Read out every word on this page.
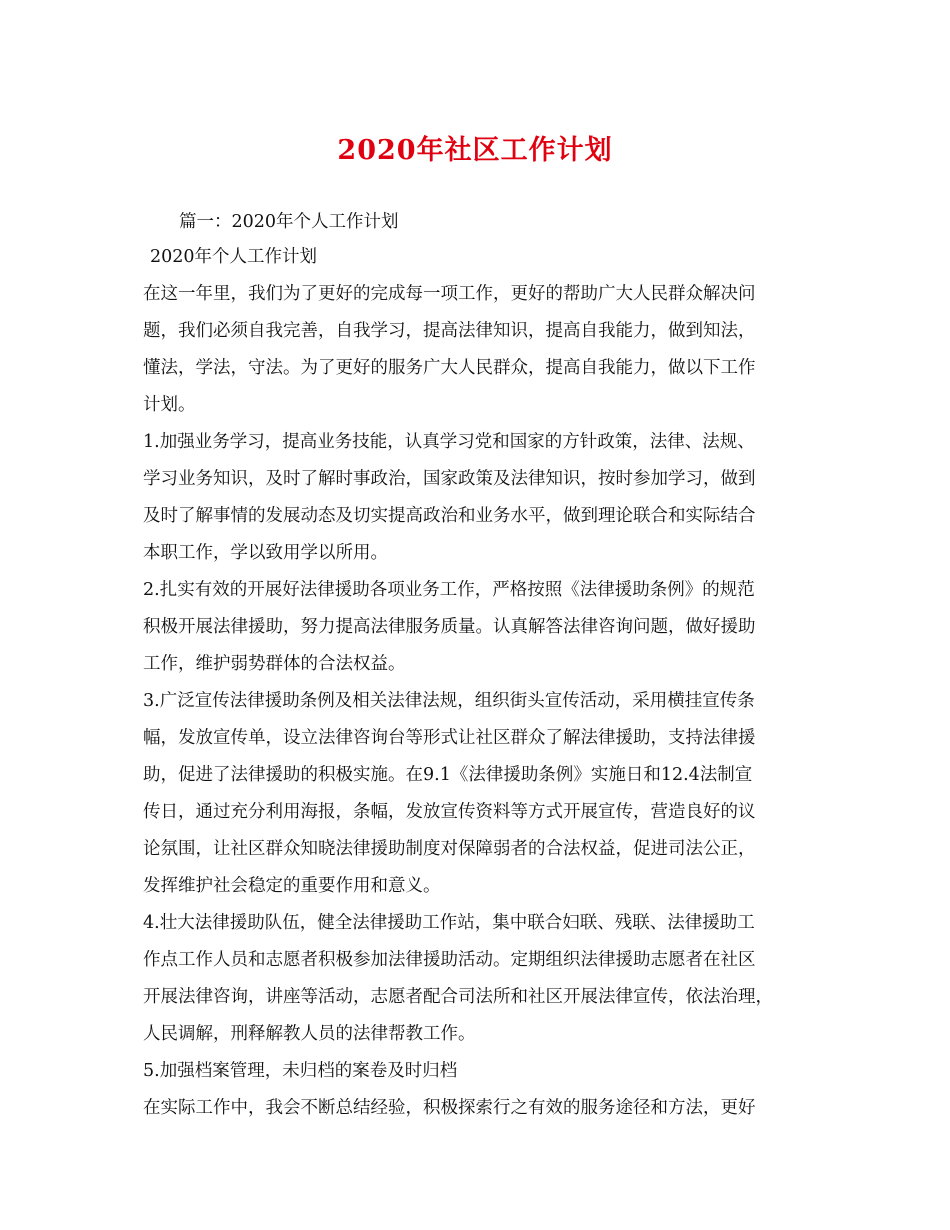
2020年社区工作计划
篇一：2020年个人工作计划
2020年个人工作计划
在这一年里，我们为了更好的完成每一项工作，更好的帮助广大人民群众解决问
题，我们必须自我完善，自我学习，提高法律知识，提高自我能力，做到知法，
懂法，学法，守法。为了更好的服务广大人民群众，提高自我能力，做以下工作
计划。
1.加强业务学习，提高业务技能，认真学习党和国家的方针政策，法律、法规、
学习业务知识，及时了解时事政治，国家政策及法律知识，按时参加学习，做到
及时了解事情的发展动态及切实提高政治和业务水平，做到理论联合和实际结合
本职工作，学以致用学以所用。
2.扎实有效的开展好法律援助各项业务工作，严格按照《法律援助条例》的规范
积极开展法律援助，努力提高法律服务质量。认真解答法律咨询问题，做好援助
工作，维护弱势群体的合法权益。
3.广泛宣传法律援助条例及相关法律法规，组织街头宣传活动，采用横挂宣传条
幅，发放宣传单，设立法律咨询台等形式让社区群众了解法律援助，支持法律援
助，促进了法律援助的积极实施。在9.1《法律援助条例》实施日和12.4法制宣
传日，通过充分利用海报，条幅，发放宣传资料等方式开展宣传，营造良好的议
论氛围，让社区群众知晓法律援助制度对保障弱者的合法权益，促进司法公正，
发挥维护社会稳定的重要作用和意义。
4.壮大法律援助队伍，健全法律援助工作站，集中联合妇联、残联、法律援助工
作点工作人员和志愿者积极参加法律援助活动。定期组织法律援助志愿者在社区
开展法律咨询，讲座等活动，志愿者配合司法所和社区开展法律宣传，依法治理，
人民调解，刑释解教人员的法律帮教工作。
5.加强档案管理，未归档的案卷及时归档
在实际工作中，我会不断总结经验，积极探索行之有效的服务途径和方法，更好
